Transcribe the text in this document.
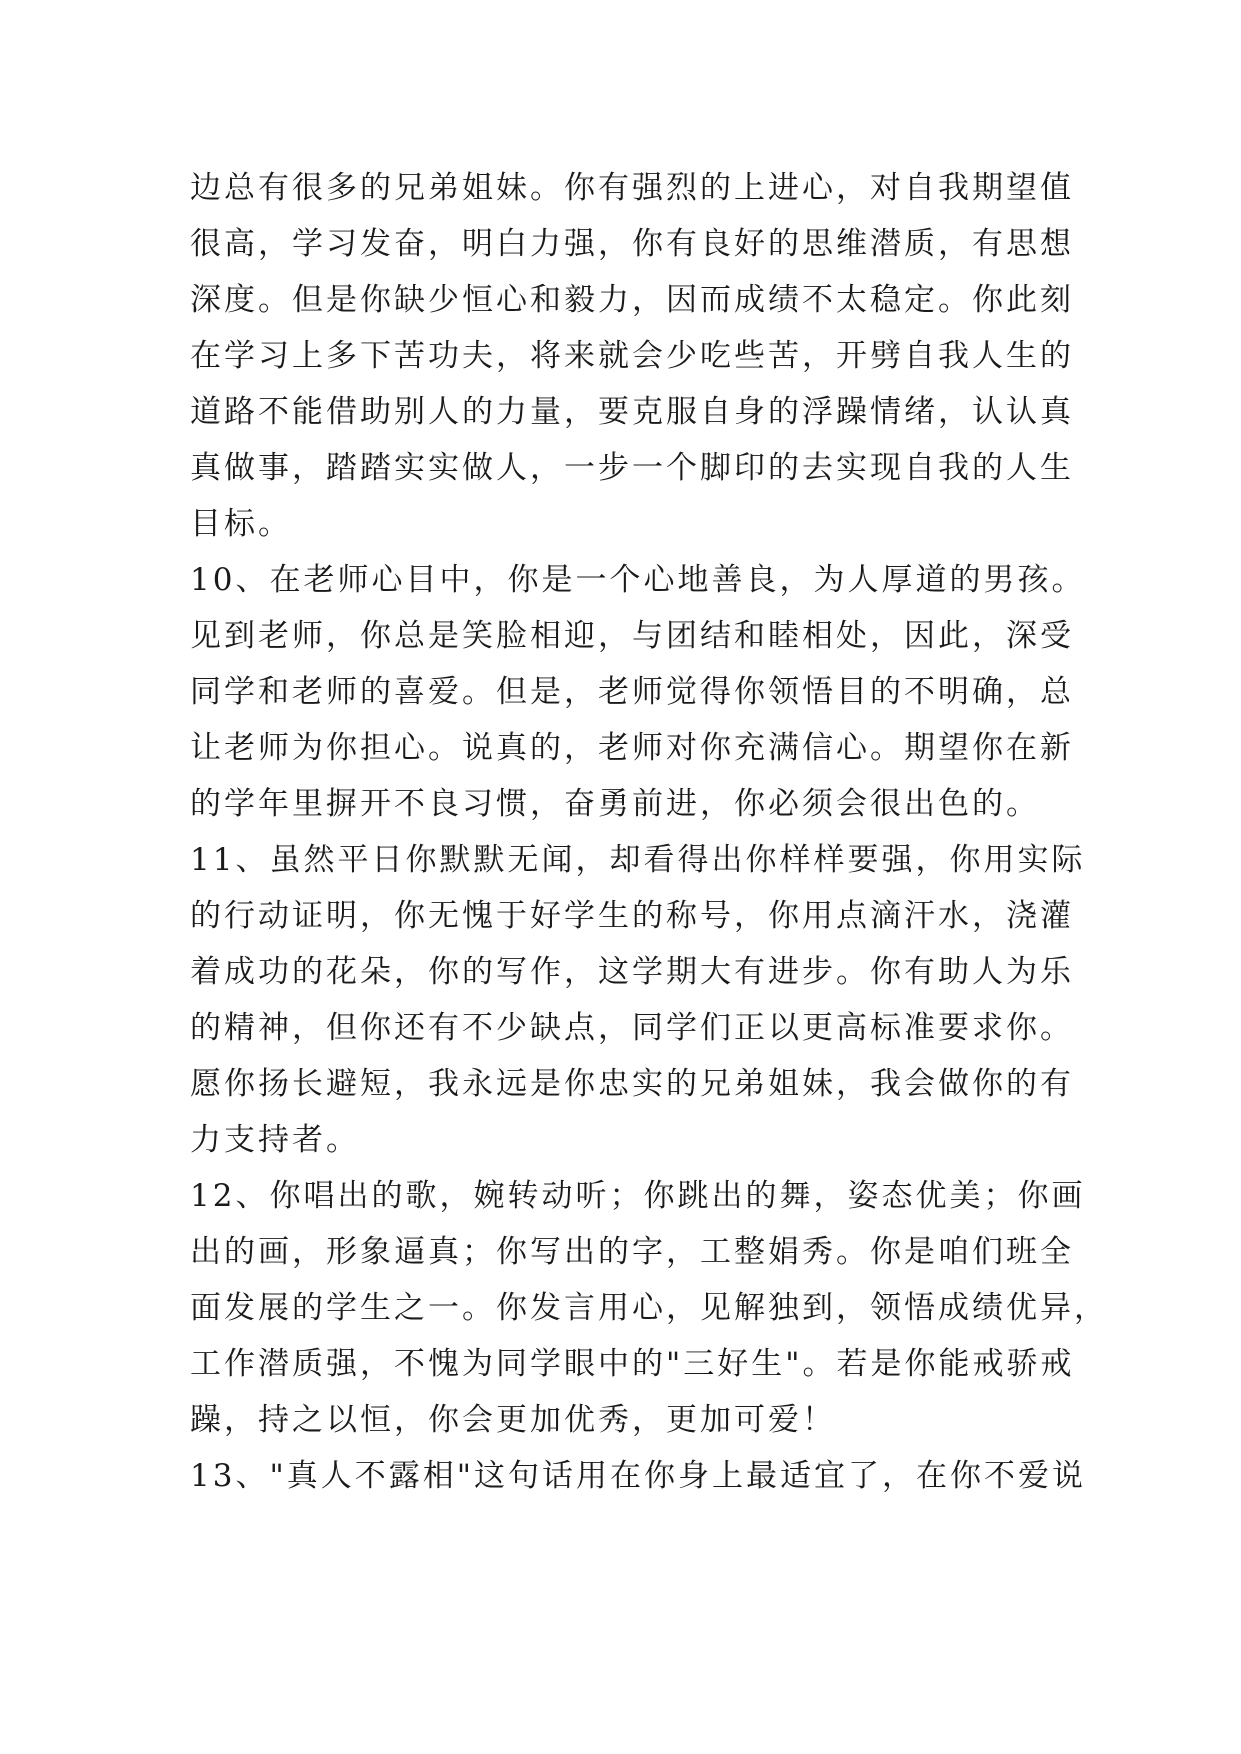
边总有很多的兄弟姐妹。你有强烈的上进心，对自我期望值
很高，学习发奋，明白力强，你有良好的思维潜质，有思想
深度。但是你缺少恒心和毅力，因而成绩不太稳定。你此刻
在学习上多下苦功夫，将来就会少吃些苦，开劈自我人生的
道路不能借助别人的力量，要克服自身的浮躁情绪，认认真
真做事，踏踏实实做人，一步一个脚印的去实现自我的人生
目标。
10、在老师心目中，你是一个心地善良，为人厚道的男孩。
见到老师，你总是笑脸相迎，与团结和睦相处，因此，深受
同学和老师的喜爱。但是，老师觉得你领悟目的不明确，总
让老师为你担心。说真的，老师对你充满信心。期望你在新
的学年里摒开不良习惯，奋勇前进，你必须会很出色的。
11、虽然平日你默默无闻，却看得出你样样要强，你用实际
的行动证明，你无愧于好学生的称号，你用点滴汗水，浇灌
着成功的花朵，你的写作，这学期大有进步。你有助人为乐
的精神，但你还有不少缺点，同学们正以更高标准要求你。
愿你扬长避短，我永远是你忠实的兄弟姐妹，我会做你的有
力支持者。
12、你唱出的歌，婉转动听；你跳出的舞，姿态优美；你画
出的画，形象逼真；你写出的字，工整娟秀。你是咱们班全
面发展的学生之一。你发言用心，见解独到，领悟成绩优异，
工作潜质强，不愧为同学眼中的"三好生"。若是你能戒骄戒
躁，持之以恒，你会更加优秀，更加可爱！
13、"真人不露相"这句话用在你身上最适宜了，在你不爱说
